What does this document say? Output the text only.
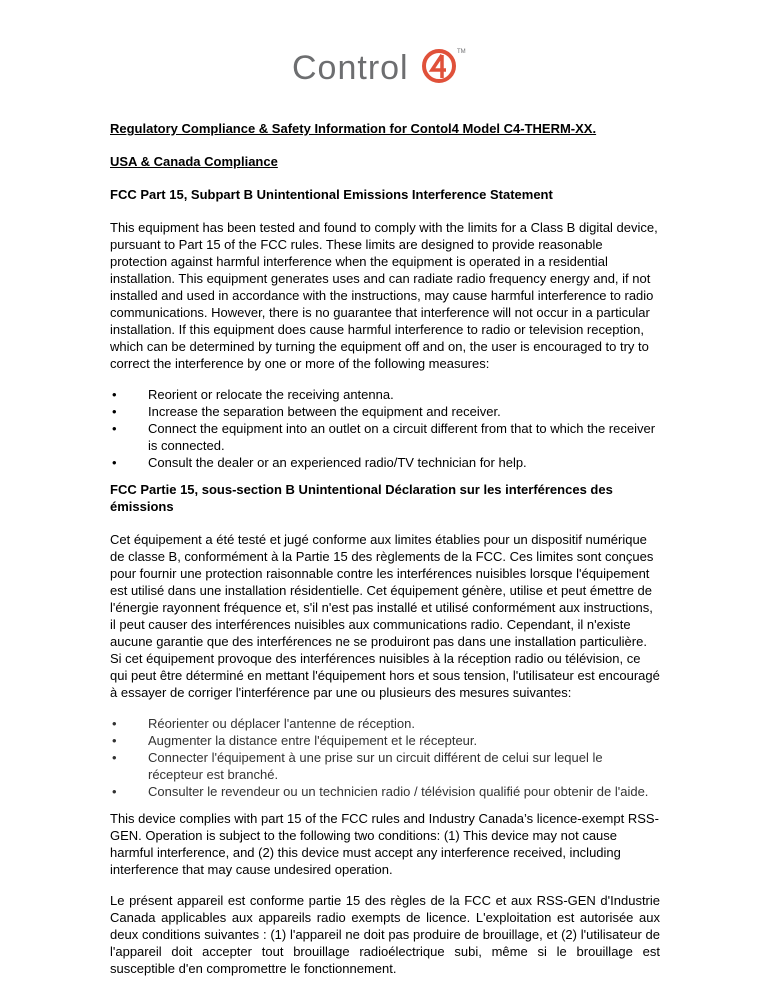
Control	TM

Regulatory Compliance & Safety Information for Contol4 Model C4-THERM-XX.

USA & Canada Compliance

FCC Part 15, Subpart B Unintentional Emissions Interference Statement

This equipment has been tested and found to comply with the limits for a Class B digital device, pursuant to Part 15 of the FCC rules. These limits are designed to provide reasonable protection against harmful interference when the equipment is operated in a residential installation. This equipment generates uses and can radiate radio frequency energy and, if not installed and used in accordance with the instructions, may cause harmful interference to radio communications. However, there is no guarantee that interference will not occur in a particular installation. If this equipment does cause harmful interference to radio or television reception, which can be determined by turning the equipment off and on, the user is encouraged to try to correct the interference by one or more of the following measures:

• Reorient or relocate the receiving antenna.
• Increase the separation between the equipment and receiver.
• Connect the equipment into an outlet on a circuit different from that to which the receiver is connected.
• Consult the dealer or an experienced radio/TV technician for help.

FCC Partie 15, sous-section B Unintentional Déclaration sur les interférences des émissions

Cet équipement a été testé et jugé conforme aux limites établies pour un dispositif numérique de classe B, conformément à la Partie 15 des règlements de la FCC. Ces limites sont conçues pour fournir une protection raisonnable contre les interférences nuisibles lorsque l'équipement est utilisé dans une installation résidentielle. Cet équipement génère, utilise et peut émettre de l'énergie rayonnent fréquence et, s'il n'est pas installé et utilisé conformément aux instructions, il peut causer des interférences nuisibles aux communications radio. Cependant, il n'existe aucune garantie que des interférences ne se produiront pas dans une installation particulière. Si cet équipement provoque des interférences nuisibles à la réception radio ou télévision, ce qui peut être déterminé en mettant l'équipement hors et sous tension, l'utilisateur est encouragé à essayer de corriger l'interférence par une ou plusieurs des mesures suivantes:

• Réorienter ou déplacer l'antenne de réception.
• Augmenter la distance entre l'équipement et le récepteur.
• Connecter l'équipement à une prise sur un circuit différent de celui sur lequel le récepteur est branché.
• Consulter le revendeur ou un technicien radio / télévision qualifié pour obtenir de l'aide.

This device complies with part 15 of the FCC rules and Industry Canada’s licence-exempt RSS-GEN. Operation is subject to the following two conditions: (1) This device may not cause harmful interference, and (2) this device must accept any interference received, including interference that may cause undesired operation.

Le présent appareil est conforme partie 15 des règles de la FCC et aux RSS-GEN d'Industrie Canada applicables aux appareils radio exempts de licence. L'exploitation est autorisée aux deux conditions suivantes : (1) l'appareil ne doit pas produire de brouillage, et (2) l'utilisateur de l'appareil doit accepter tout brouillage radioélectrique subi, même si le brouillage est susceptible d'en compromettre le fonctionnement.
